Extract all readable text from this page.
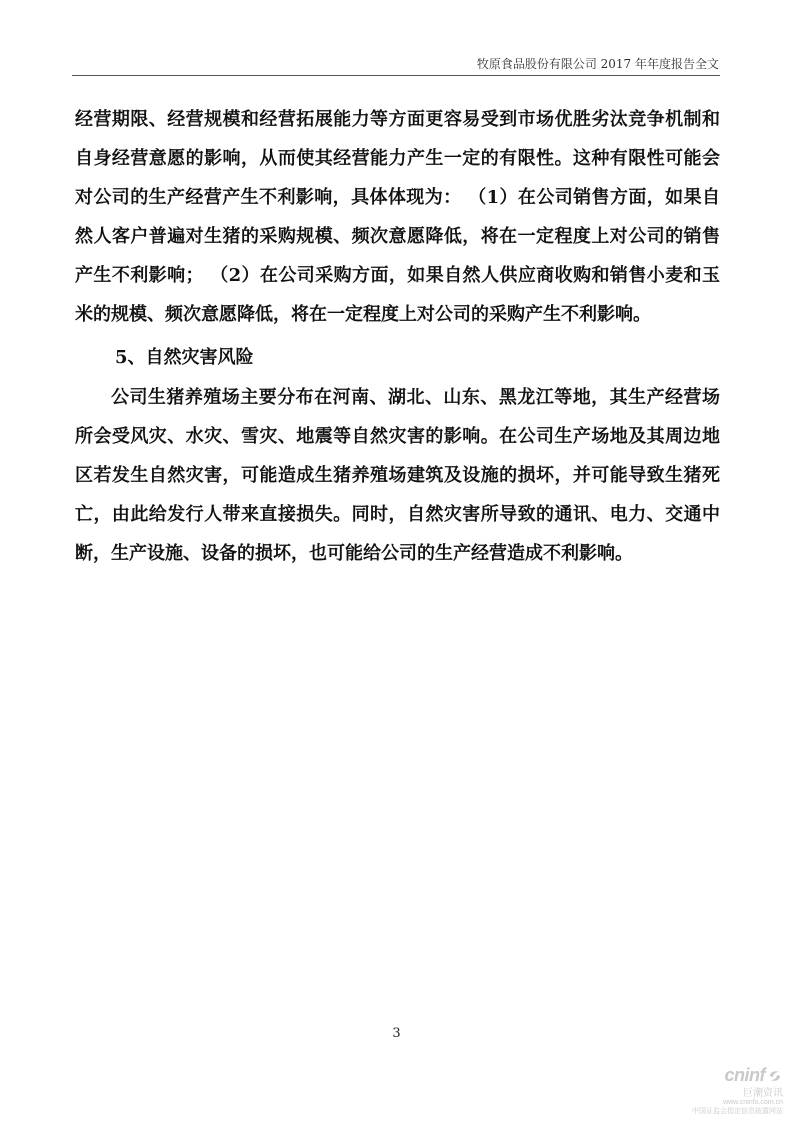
牧原食品股份有限公司 2017 年年度报告全文

经营期限、经营规模和经营拓展能力等方面更容易受到市场优胜劣汰竞争机制和自身经营意愿的影响，从而使其经营能力产生一定的有限性。这种有限性可能会对公司的生产经营产生不利影响，具体体现为： （1）在公司销售方面，如果自然人客户普遍对生猪的采购规模、频次意愿降低，将在一定程度上对公司的销售产生不利影响； （2）在公司采购方面，如果自然人供应商收购和销售小麦和玉米的规模、频次意愿降低，将在一定程度上对公司的采购产生不利影响。

5、自然灾害风险

公司生猪养殖场主要分布在河南、湖北、山东、黑龙江等地，其生产经营场所会受风灾、水灾、雪灾、地震等自然灾害的影响。在公司生产场地及其周边地区若发生自然灾害，可能造成生猪养殖场建筑及设施的损坏，并可能导致生猪死亡，由此给发行人带来直接损失。同时，自然灾害所导致的通讯、电力、交通中断，生产设施、设备的损坏，也可能给公司的生产经营造成不利影响。

3
cninf
巨潮资讯
www.cninfo.com.cn
中国证监会指定信息披露网站
